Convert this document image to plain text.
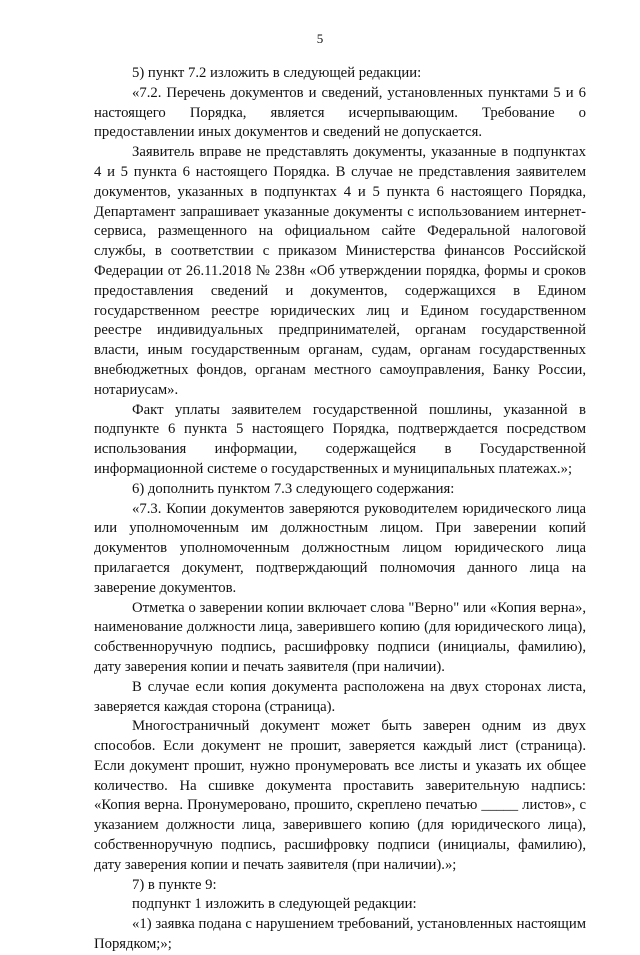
5

5) пункт 7.2 изложить в следующей редакции:

«7.2. Перечень документов и сведений, установленных пунктами 5 и 6 настоящего Порядка, является исчерпывающим. Требование о предоставлении иных документов и сведений не допускается.

Заявитель вправе не представлять документы, указанные в подпунктах 4 и 5 пункта 6 настоящего Порядка. В случае не представления заявителем документов, указанных в подпунктах 4 и 5 пункта 6 настоящего Порядка, Департамент запрашивает указанные документы с использованием интернет-сервиса, размещенного на официальном сайте Федеральной налоговой службы, в соответствии с приказом Министерства финансов Российской Федерации от 26.11.2018 № 238н «Об утверждении порядка, формы и сроков предоставления сведений и документов, содержащихся в Едином государственном реестре юридических лиц и Едином государственном реестре индивидуальных предпринимателей, органам государственной власти, иным государственным органам, судам, органам государственных внебюджетных фондов, органам местного самоуправления, Банку России, нотариусам».

Факт уплаты заявителем государственной пошлины, указанной в подпункте 6 пункта 5 настоящего Порядка, подтверждается посредством использования информации, содержащейся в Государственной информационной системе о государственных и муниципальных платежах.»;

6) дополнить пунктом 7.3 следующего содержания:

«7.3. Копии документов заверяются руководителем юридического лица или уполномоченным им должностным лицом. При заверении копий документов уполномоченным должностным лицом юридического лица прилагается документ, подтверждающий полномочия данного лица на заверение документов.

Отметка о заверении копии включает слова "Верно" или «Копия верна», наименование должности лица, заверившего копию (для юридического лица), собственноручную подпись, расшифровку подписи (инициалы, фамилию), дату заверения копии и печать заявителя (при наличии).

В случае если копия документа расположена на двух сторонах листа, заверяется каждая сторона (страница).

Многостраничный документ может быть заверен одним из двух способов. Если документ не прошит, заверяется каждый лист (страница). Если документ прошит, нужно пронумеровать все листы и указать их общее количество. На сшивке документа проставить заверительную надпись: «Копия верна. Пронумеровано, прошито, скреплено печатью _____ листов», с указанием должности лица, заверившего копию (для юридического лица), собственноручную подпись, расшифровку подписи (инициалы, фамилию), дату заверения копии и печать заявителя (при наличии).»;

7) в пункте 9:

подпункт 1 изложить в следующей редакции:

«1) заявка подана с нарушением требований, установленных настоящим Порядком;»;
